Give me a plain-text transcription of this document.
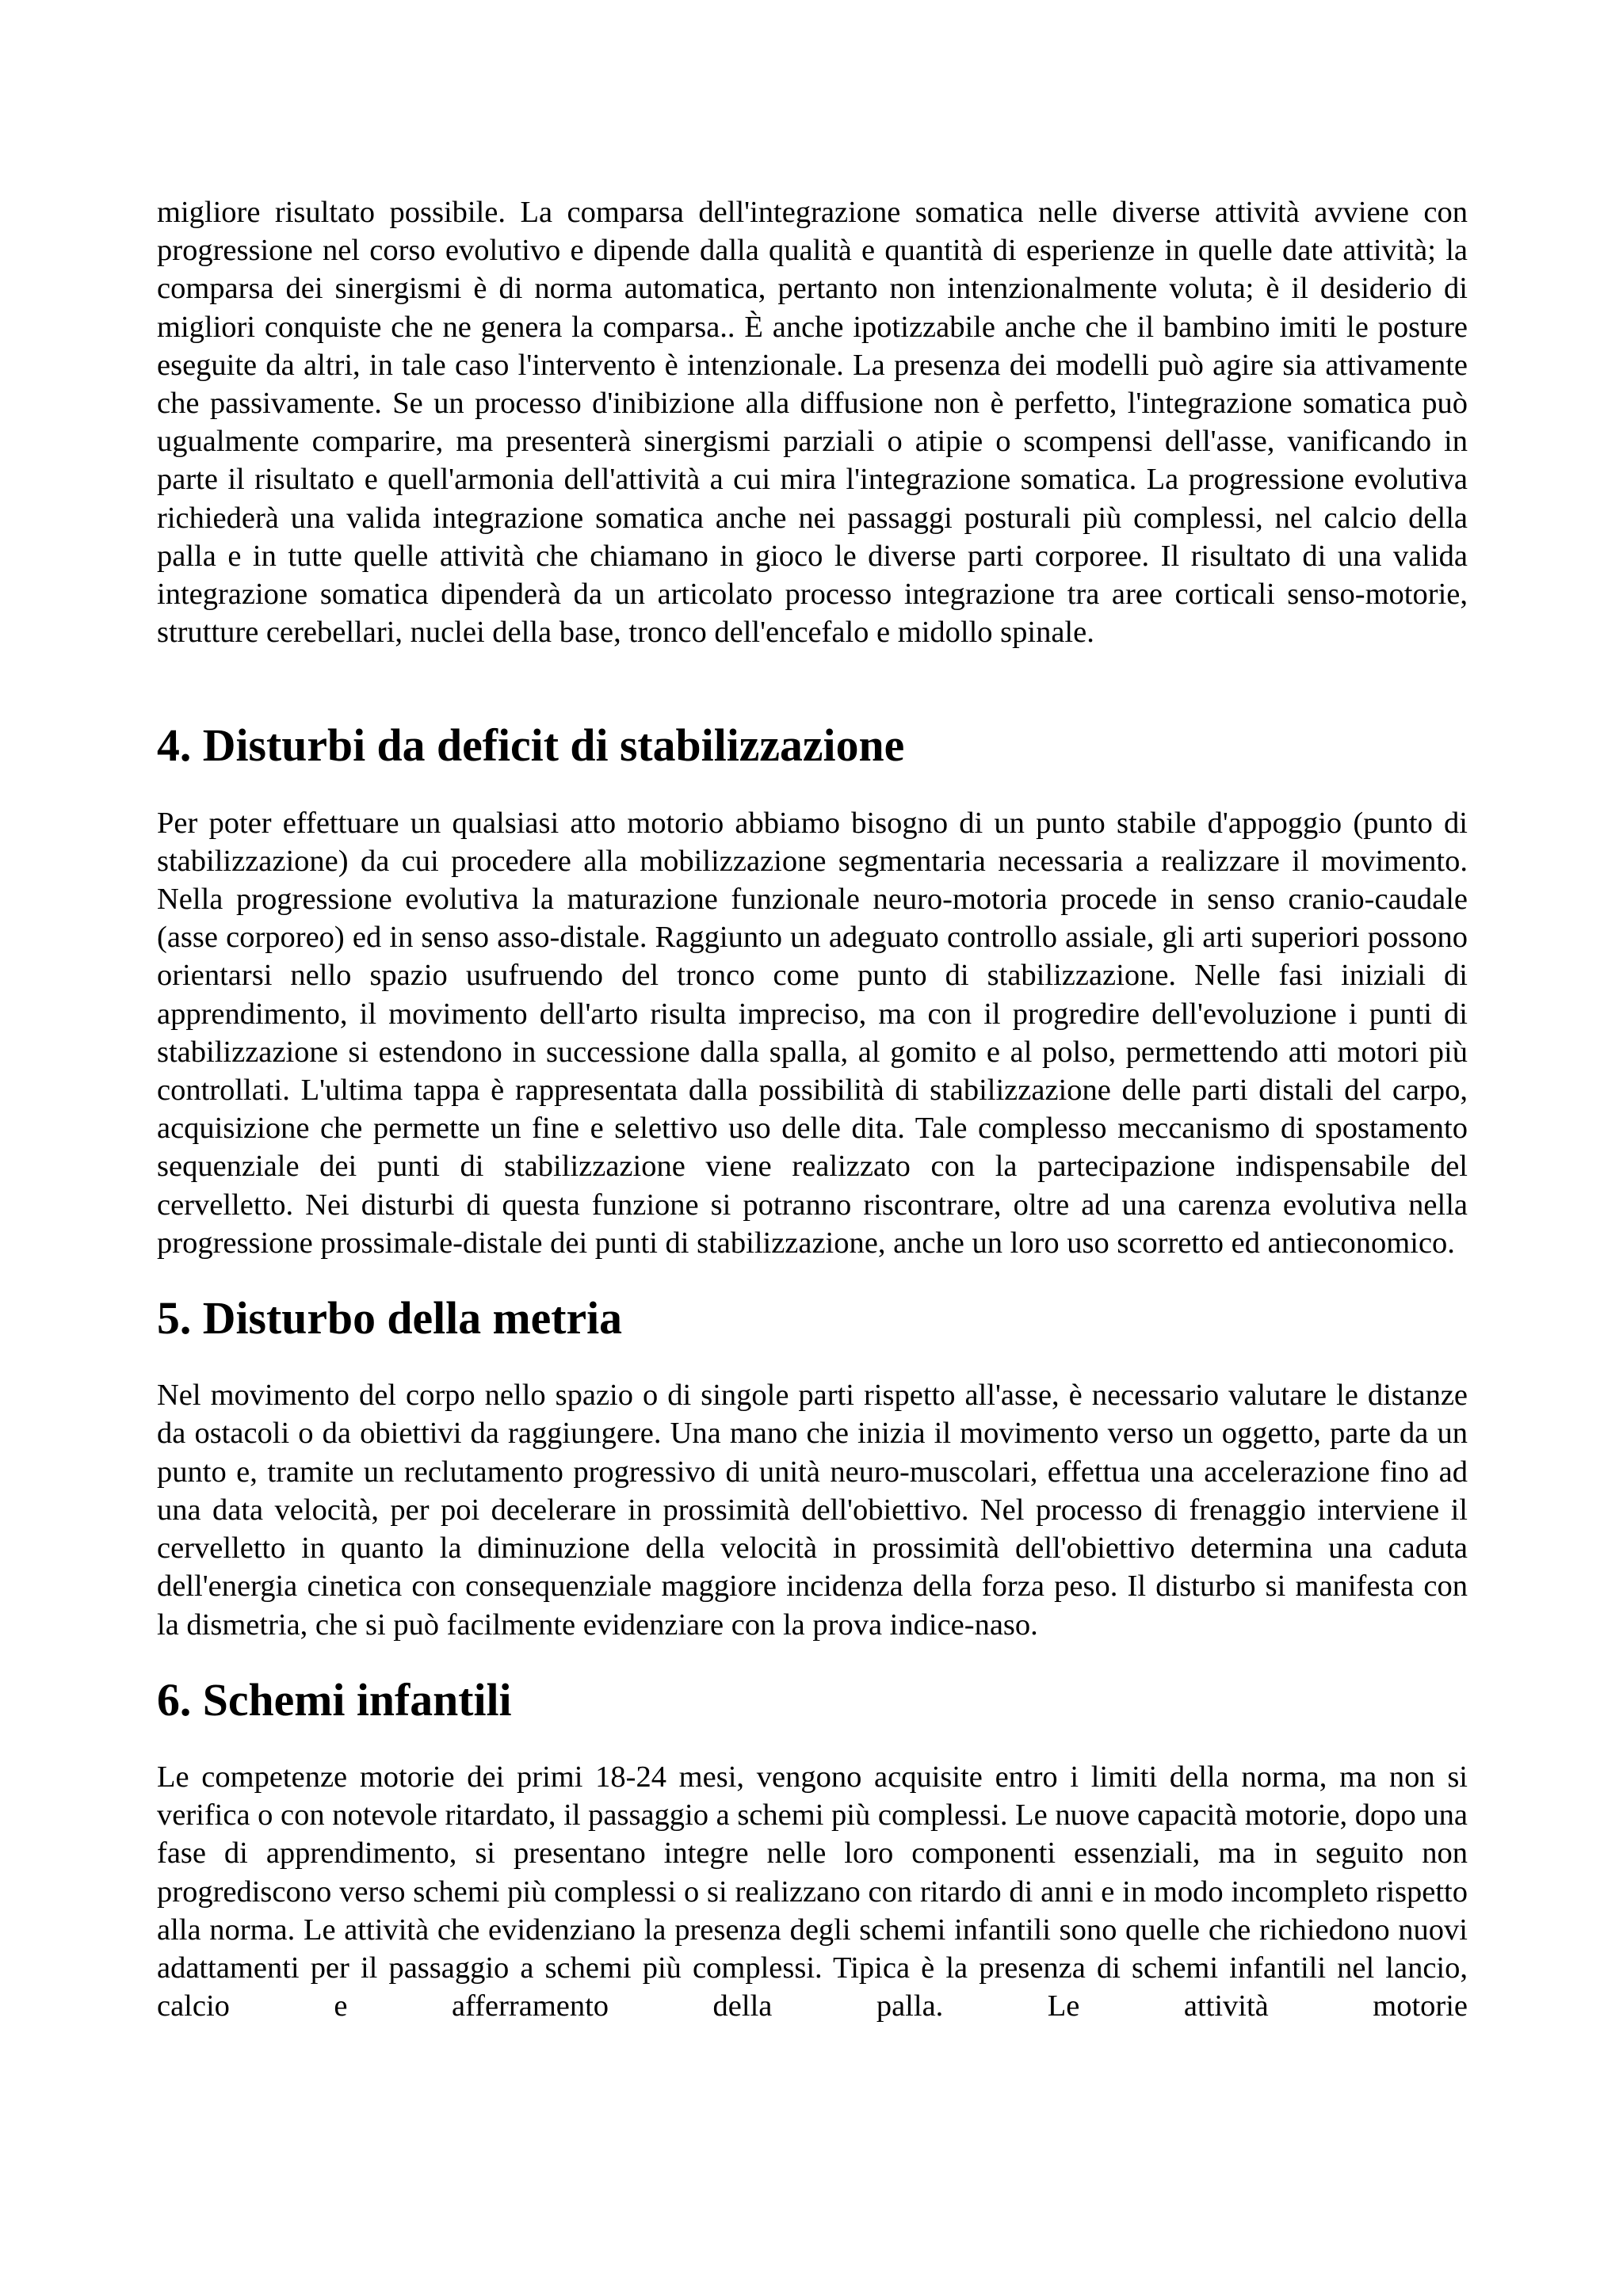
migliore risultato possibile. La comparsa dell'integrazione somatica nelle diverse attività avviene con progressione nel corso evolutivo e dipende dalla qualità e quantità di esperienze in quelle date attività; la comparsa dei sinergismi è di norma automatica, pertanto non intenzionalmente voluta; è il desiderio di migliori conquiste che ne genera la comparsa.. È anche ipotizzabile anche che il bambino imiti le posture eseguite da altri, in tale caso l'intervento è intenzionale. La presenza dei modelli può agire sia attivamente che passivamente. Se un processo d'inibizione alla diffusione non è perfetto, l'integrazione somatica può ugualmente comparire, ma presenterà sinergismi parziali o atipie o scompensi dell'asse, vanificando in parte il risultato e quell'armonia dell'attività a cui mira l'integrazione somatica. La progressione evolutiva richiederà una valida integrazione somatica anche nei passaggi posturali più complessi, nel calcio della palla e in tutte quelle attività che chiamano in gioco le diverse parti corporee. Il risultato di una valida integrazione somatica dipenderà da un articolato processo integrazione tra aree corticali senso-motorie, strutture cerebellari, nuclei della base, tronco dell'encefalo e midollo spinale.

4. Disturbi da deficit di stabilizzazione

Per poter effettuare un qualsiasi atto motorio abbiamo bisogno di un punto stabile d'appoggio (punto di stabilizzazione) da cui procedere alla mobilizzazione segmentaria necessaria a realizzare il movimento. Nella progressione evolutiva la maturazione funzionale neuro-motoria procede in senso cranio-caudale (asse corporeo) ed in senso asso-distale. Raggiunto un adeguato controllo assiale, gli arti superiori possono orientarsi nello spazio usufruendo del tronco come punto di stabilizzazione. Nelle fasi iniziali di apprendimento, il movimento dell'arto risulta impreciso, ma con il progredire dell'evoluzione i punti di stabilizzazione si estendono in successione dalla spalla, al gomito e al polso, permettendo atti motori più controllati. L'ultima tappa è rappresentata dalla possibilità di stabilizzazione delle parti distali del carpo, acquisizione che permette un fine e selettivo uso delle dita. Tale complesso meccanismo di spostamento sequenziale dei punti di stabilizzazione viene realizzato con la partecipazione indispensabile del cervelletto. Nei disturbi di questa funzione si potranno riscontrare, oltre ad una carenza evolutiva nella progressione prossimale-distale dei punti di stabilizzazione, anche un loro uso scorretto ed antieconomico.

5. Disturbo della metria

Nel movimento del corpo nello spazio o di singole parti rispetto all'asse, è necessario valutare le distanze da ostacoli o da obiettivi da raggiungere. Una mano che inizia il movimento verso un oggetto, parte da un punto e, tramite un reclutamento progressivo di unità neuro-muscolari, effettua una accelerazione fino ad una data velocità, per poi decelerare in prossimità dell'obiettivo. Nel processo di frenaggio interviene il cervelletto in quanto la diminuzione della velocità in prossimità dell'obiettivo determina una caduta dell'energia cinetica con consequenziale maggiore incidenza della forza peso. Il disturbo si manifesta con la dismetria, che si può facilmente evidenziare con la prova indice-naso.

6. Schemi infantili

Le competenze motorie dei primi 18-24 mesi, vengono acquisite entro i limiti della norma, ma non si verifica o con notevole ritardato, il passaggio a schemi più complessi. Le nuove capacità motorie, dopo una fase di apprendimento, si presentano integre nelle loro componenti essenziali, ma in seguito non progrediscono verso schemi più complessi o si realizzano con ritardo di anni e in modo incompleto rispetto alla norma. Le attività che evidenziano la presenza degli schemi infantili sono quelle che richiedono nuovi adattamenti per il passaggio a schemi più complessi. Tipica è la presenza di schemi infantili nel lancio, calcio e afferramento della palla. Le attività motorie
